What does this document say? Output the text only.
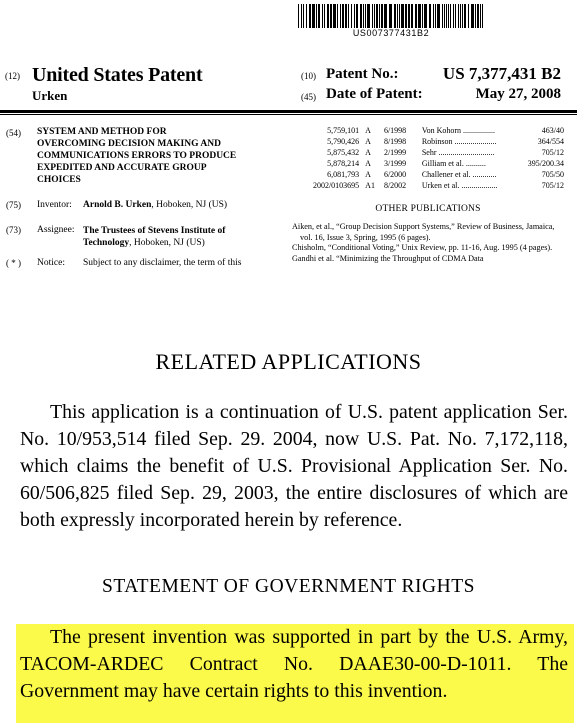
US007377431B2
(12) United States Patent
Urken
(10) Patent No.:	US 7,377,431 B2
(45) Date of Patent:	May 27, 2008
(54) SYSTEM AND METHOD FOR
OVERCOMING DECISION MAKING AND
COMMUNICATIONS ERRORS TO PRODUCE
EXPEDITED AND ACCURATE GROUP
CHOICES
(75) Inventor: Arnold B. Urken, Hoboken, NJ (US)
(73) Assignee: The Trustees of Stevens Institute of
Technology, Hoboken, NJ (US)
( * ) Notice: Subject to any disclaimer, the term of this
5,759,101	A	6/1998	Von Kohorn ................	463/40
5,790,426	A	8/1998	Robinson .....................	364/554
5,875,432	A	2/1999	Sehr ............................	705/12
5,878,214	A	3/1999	Gilliam et al. ..........	395/200.34
6,081,793	A	6/2000	Challener et al. ............	705/50
2002/0103695	A1	8/2002	Urken et al. ..................	705/12
OTHER PUBLICATIONS
Aiken, et al., “Group Decision Support Systems,” Review of Business, Jamaica, vol. 16, Issue 3, Spring, 1995 (6 pages).
Chisholm, “Conditional Voting,” Unix Review, pp. 11-16, Aug. 1995 (4 pages).
Gandhi et al. “Minimizing the Throughput of CDMA Data
RELATED APPLICATIONS
This application is a continuation of U.S. patent application Ser. No. 10/953,514 filed Sep. 29. 2004, now U.S. Pat. No. 7,172,118, which claims the benefit of U.S. Provisional Application Ser. No. 60/506,825 filed Sep. 29, 2003, the entire disclosures of which are both expressly incorporated herein by reference.
STATEMENT OF GOVERNMENT RIGHTS
The present invention was supported in part by the U.S. Army, TACOM-ARDEC Contract No. DAAE30-00-D-1011. The Government may have certain rights to this invention.
